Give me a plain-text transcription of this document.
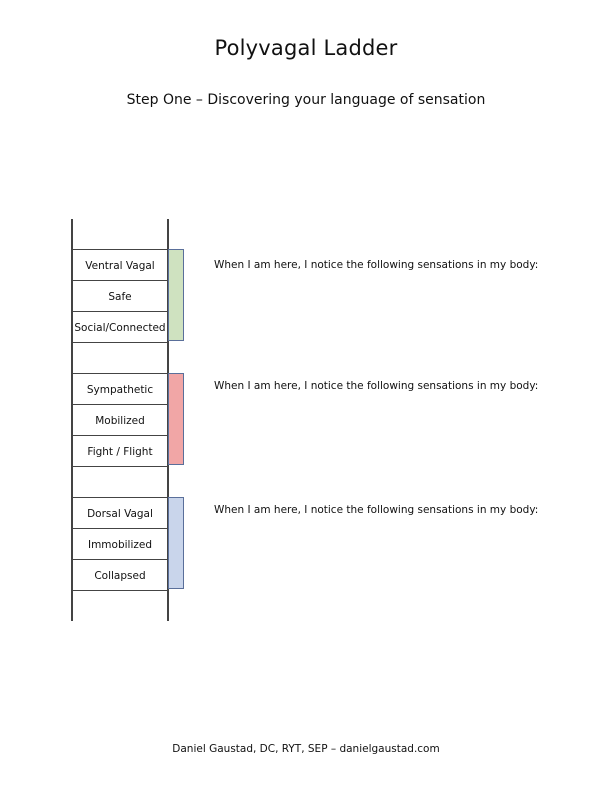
Polyvagal Ladder
Step One – Discovering your language of sensation
Ventral Vagal
Safe
Social/Connected
When I am here, I notice the following sensations in my body:
Sympathetic
Mobilized
Fight / Flight
When I am here, I notice the following sensations in my body:
Dorsal Vagal
Immobilized
Collapsed
When I am here, I notice the following sensations in my body:
Daniel Gaustad, DC, RYT, SEP – danielgaustad.com
